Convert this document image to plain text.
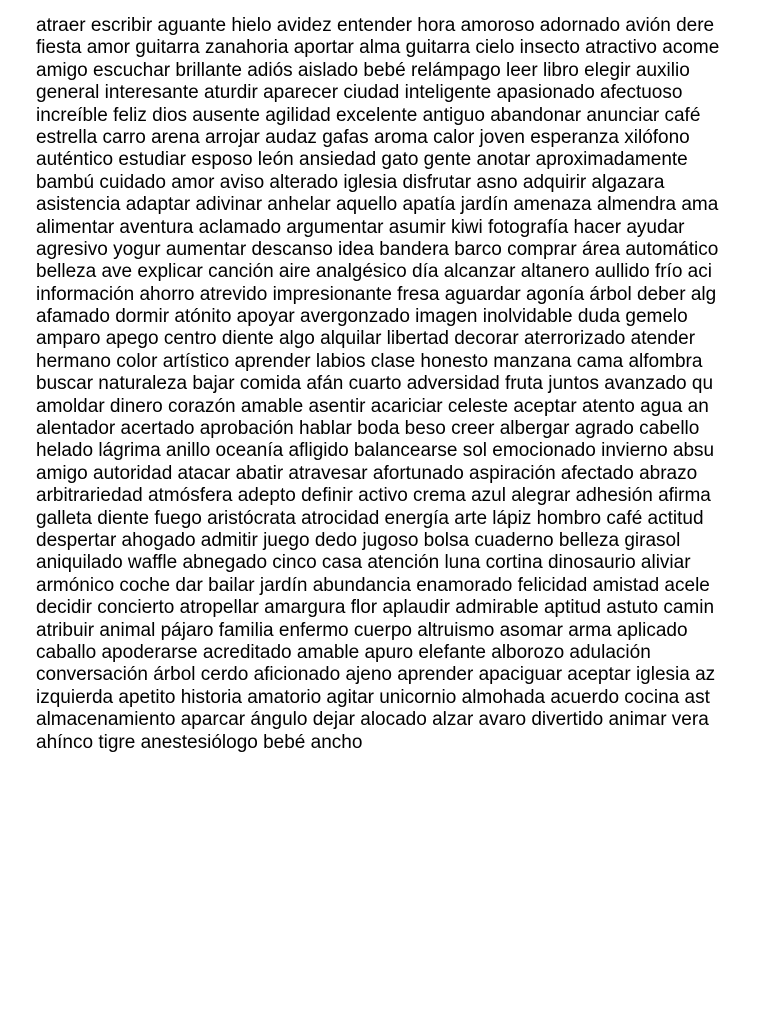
atraer escribir aguante hielo avidez entender hora amoroso adornado avión dere
fiesta amor guitarra zanahoria aportar alma guitarra cielo insecto atractivo acome
amigo escuchar brillante adiós aislado bebé relámpago leer libro elegir auxilio
general interesante aturdir aparecer ciudad inteligente apasionado afectuoso
increíble feliz dios ausente agilidad excelente antiguo abandonar anunciar café
estrella carro arena arrojar audaz gafas aroma calor joven esperanza xilófono
auténtico estudiar esposo león ansiedad gato gente anotar aproximadamente
bambú cuidado amor aviso alterado iglesia disfrutar asno adquirir algazara
asistencia adaptar adivinar anhelar aquello apatía jardín amenaza almendra ama
alimentar aventura aclamado argumentar asumir kiwi fotografía hacer ayudar
agresivo yogur aumentar descanso idea bandera barco comprar área automático
belleza ave explicar canción aire analgésico día alcanzar altanero aullido frío aci
información ahorro atrevido impresionante fresa aguardar agonía árbol deber alg
afamado dormir atónito apoyar avergonzado imagen inolvidable duda gemelo
amparo apego centro diente algo alquilar libertad decorar aterrorizado atender
hermano color artístico aprender labios clase honesto manzana cama alfombra
buscar naturaleza bajar comida afán cuarto adversidad fruta juntos avanzado qu
amoldar dinero corazón amable asentir acariciar celeste aceptar atento agua an
alentador acertado aprobación hablar boda beso creer albergar agrado cabello
helado lágrima anillo oceanía afligido balancearse sol emocionado invierno absu
amigo autoridad atacar abatir atravesar afortunado aspiración afectado abrazo
arbitrariedad atmósfera adepto definir activo crema azul alegrar adhesión afirma
galleta diente fuego aristócrata atrocidad energía arte lápiz hombro café actitud
despertar ahogado admitir juego dedo jugoso bolsa cuaderno belleza girasol
aniquilado waffle abnegado cinco casa atención luna cortina dinosaurio aliviar
armónico coche dar bailar jardín abundancia enamorado felicidad amistad acele
decidir concierto atropellar amargura flor aplaudir admirable aptitud astuto camin
atribuir animal pájaro familia enfermo cuerpo altruismo asomar arma aplicado
caballo apoderarse acreditado amable apuro elefante alborozo adulación
conversación árbol cerdo aficionado ajeno aprender apaciguar aceptar iglesia az
izquierda apetito historia amatorio agitar unicornio almohada acuerdo cocina ast
almacenamiento aparcar ángulo dejar alocado alzar avaro divertido animar vera
ahínco tigre anestesiólogo bebé ancho
